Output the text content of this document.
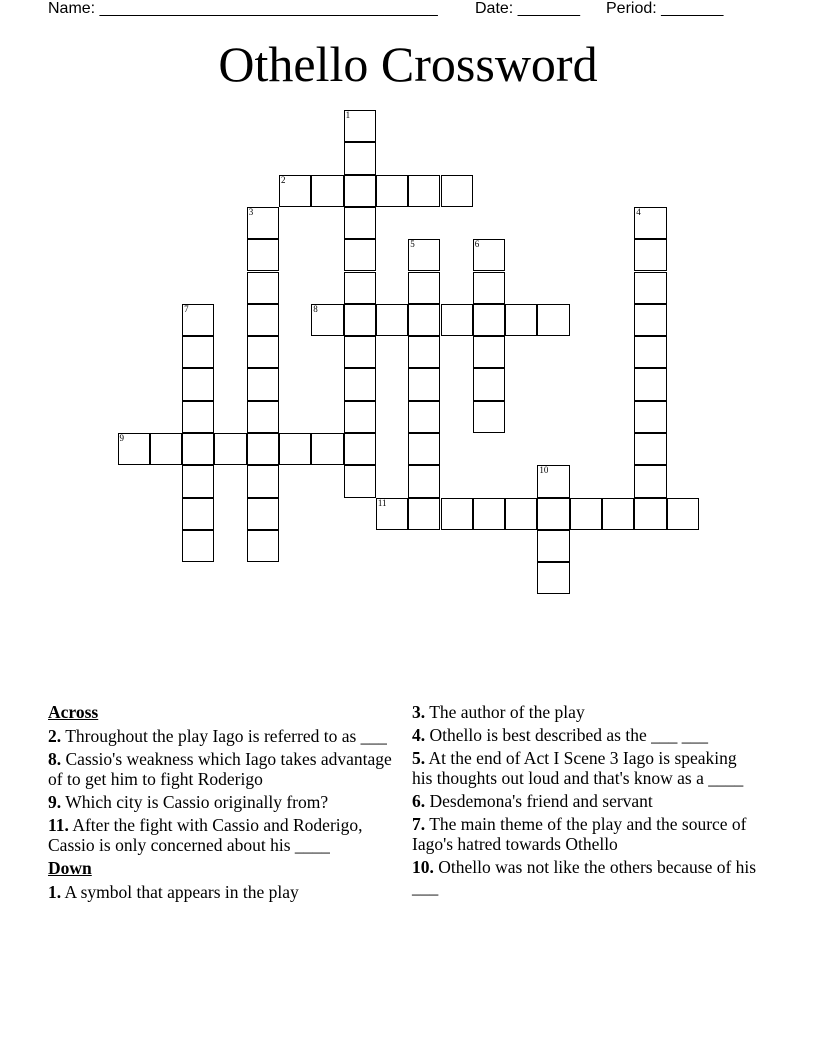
Name: ______________________________________ Date: _______ Period: _______
Othello Crossword
1
2
3	4
5	6
7	8
9
10
11
Across
2. Throughout the play Iago is referred to as ___
8. Cassio's weakness which Iago takes advantage of to get him to fight Roderigo
9. Which city is Cassio originally from?
11. After the fight with Cassio and Roderigo, Cassio is only concerned about his ____
Down
1. A symbol that appears in the play
3. The author of the play
4. Othello is best described as the ___ ___
5. At the end of Act I Scene 3 Iago is speaking his thoughts out loud and that's know as a ____
6. Desdemona's friend and servant
7. The main theme of the play and the source of Iago's hatred towards Othello
10. Othello was not like the others because of his ___
